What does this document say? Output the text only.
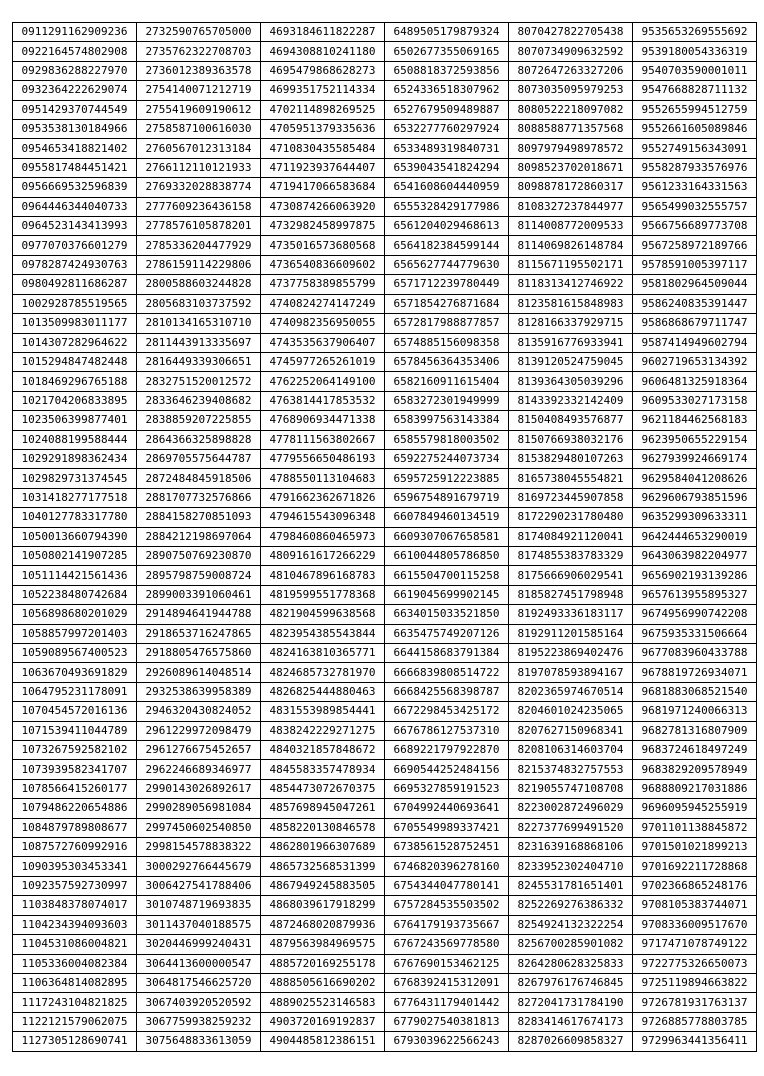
0911291162909236	2732590765705000	4693184611822287	6489505179879324	8070427822705438	9535653269555692
0922164574802908	2735762322708703	4694308810241180	6502677355069165	8070734909632592	9539180054336319
0929836288227970	2736012389363578	4695479868628273	6508818372593856	8072647263327206	9540703590001011
0932364222629074	2754140071212719	4699351752114334	6524336518307962	8073035095979253	9547668828711132
0951429370744549	2755419609190612	4702114898269525	6527679509489887	8080522218097082	9552655994512759
0953538130184966	2758587100616030	4705951379335636	6532277760297924	8088588771357568	9552661605089846
0954653418821402	2760567012313184	4710830435585484	6533489319840731	8097979498978572	9552749156343091
0955817484451421	2766112110121933	4711923937644407	6539043541824294	8098523702018671	9558287933576976
0956669532596839	2769332028838774	4719417066583684	6541608604440959	8098878172860317	9561233164331563
0964446344040733	2777609236436158	4730874266063920	6555328429177986	8108327237844977	9565499032555757
0964523143413993	2778576105878201	4732982458997875	6561204029468613	8114008772009533	9566756689773708
0977070376601279	2785336204477929	4735016573680568	6564182384599144	8114069826148784	9567258972189766
0978287424930763	2786159114229806	4736540836609602	6565627744779630	8115671195502171	9578591005397117
0980492811686287	2800588603244828	4737758389855799	6571712239780449	8118313412746922	9581802964509044
1002928785519565	2805683103737592	4740824274147249	6571854276871684	8123581615848983	9586240835391447
1013509983011177	2810134165310710	4740982356950055	6572817988877857	8128166337929715	9586868679711747
1014307282964622	2811443913335697	4743535637906407	6574885156098358	8135916776933941	9587414949602794
1015294847482448	2816449339306651	4745977265261019	6578456364353406	8139120524759045	9602719653134392
1018469296765188	2832751520012572	4762252064149100	6582160911615404	8139364305039296	9606481325918364
1021704206833895	2833646239408682	4763814417853532	6583272301949999	8143392332142409	9609533027173158
1023506399877401	2838859207225855	4768906934471338	6583997563143384	8150408493576877	9621184462568183
1024088199588444	2864366325898828	4778111563802667	6585579818003502	8150766938032176	9623950655229154
1029291898362434	2869705575644787	4779556650486193	6592275244073734	8153829480107263	9627939924669174
1029829731374545	2872484845918506	4788550113104683	6595725912223885	8165738045554821	9629584041208626
1031418277177518	2881707732576866	4791662362671826	6596754891679719	8169723445907858	9629606793851596
1040127783317780	2884158270851093	4794615543096348	6607849460134519	8172290231780480	9635299309633311
1050013660794390	2884212198697064	4798460860465973	6609307067658581	8174084921120041	9642444653290019
1050802141907285	2890750769230870	4809161617266229	6610044805786850	8174855383783329	9643063982204977
1051114421561436	2895798759008724	4810467896168783	6615504700115258	8175666906029541	9656902193139286
1052238480742684	2899003391060461	4819599551778368	6619045699902145	8185827451798948	9657613955895327
1056898680201029	2914894641944788	4821904599638568	6634015033521850	8192493336183117	9674956990742208
1058857997201403	2918653716247865	4823954385543844	6635475749207126	8192911201585164	9675935331506664
1059089567400523	2918805476575860	4824163810365771	6644158683791384	8195223869402476	9677083960433788
1063670493691829	2926089614048514	4824685732781970	6666839808514722	8197078593894167	9678819726934071
1064795231178091	2932538639958389	4826825444880463	6668425568398787	8202365974670514	9681883068521540
1070454572016136	2946320430824052	4831553989854441	6672298453425172	8204601024235065	9681971240066313
1071539411044789	2961229972098479	4838242229271275	6676786127537310	8207627150968341	9682781316807909
1073267592582102	2961276675452657	4840321857848672	6689221797922870	8208106314603704	9683724618497249
1073939582341707	2962246689346977	4845583357478934	6690544252484156	8215374832757553	9683829209578949
1078566415260177	2990143026892617	4854473072670375	6695327859191523	8219055747108708	9688809217031886
1079486220654886	2990289056981084	4857698945047261	6704992440693641	8223002872496029	9696095945255919
1084879789808677	2997450602540850	4858220130846578	6705549989337421	8227377699491520	9701101138845872
1087572760992916	2998154578838322	4862801966307689	6738561528752451	8231639168868106	9701501021899213
1090395303453341	3000292766445679	4865732568531399	6746820396278160	8233952302404710	9701692211728868
1092357592730997	3006427541788406	4867949245883505	6754344047780141	8245531781651401	9702366865248176
1103848378074017	3010748719693835	4868039617918299	6757284535503502	8252269276386332	9708105383744071
1104234394093603	3011437040188575	4872468020879936	6764179193735667	8254924132322254	9708336009517670
1104531086004821	3020446999240431	4879563984969575	6767243569778580	8256700285901082	9717471078749122
1105336004082384	3064413600000547	4885720169255178	6767690153462125	8264280628325833	9722775326650073
1106364814082895	3064817546625720	4888505616690202	6768392415312091	8267976176746845	9725119894663822
1117243104821825	3067403920520592	4889025523146583	6776431179401442	8272041731784190	9726781931763137
1122121579062075	3067759938259232	4903720169192837	6779027540381813	8283414617674173	9726885778803785
1127305128690741	3075648833613059	4904485812386151	6793039622566243	8287026609858327	9729963441356411
